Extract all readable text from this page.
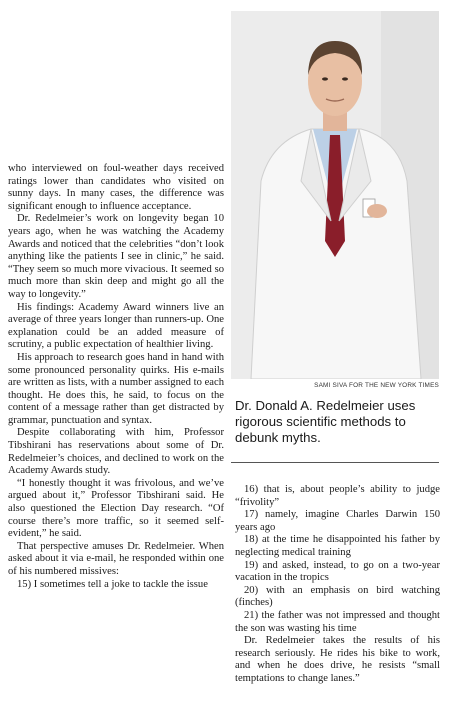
who interviewed on foul-weather days received ratings lower than candidates who visited on sunny days. In many cases, the difference was significant enough to influence acceptance.

Dr. Redelmeier’s work on longevity began 10 years ago, when he was watching the Academy Awards and noticed that the celebrities “don’t look anything like the patients I see in clinic,” he said. “They seem so much more vivacious. It seemed so much more than skin deep and might go all the way to longevity.”

His findings: Academy Award winners live an average of three years longer than runners-up. One explanation could be an added measure of scrutiny, a public expectation of healthier living.

His approach to research goes hand in hand with some pronounced personality quirks. His e-mails are written as lists, with a number assigned to each thought. He does this, he said, to focus on the content of a message rather than get distracted by grammar, punctuation and syntax.

Despite collaborating with him, Professor Tibshirani has reservations about some of Dr. Redelmeier’s choices, and declined to work on the Academy Awards study.

“I honestly thought it was frivolous, and we’ve argued about it,” Professor Tibshirani said. He also questioned the Election Day research. “Of course there’s more traffic, so it seemed self-evident,” he said.

That perspective amuses Dr. Redelmeier. When asked about it via e-mail, he responded within one of his numbered missives:

15) I sometimes tell a joke to tackle the issue

SAMI SIVA FOR THE NEW YORK TIMES
Dr. Donald A. Redelmeier uses rigorous scientific methods to debunk myths.

16) that is, about people’s ability to judge “frivolity”

17) namely, imagine Charles Darwin 150 years ago

18) at the time he disappointed his father by neglecting medical training

19) and asked, instead, to go on a two-year vacation in the tropics

20) with an emphasis on bird watching (finches)

21) the father was not impressed and thought the son was wasting his time

Dr. Redelmeier takes the results of his research seriously. He rides his bike to work, and when he does drive, he resists “small temptations to change lanes.”
